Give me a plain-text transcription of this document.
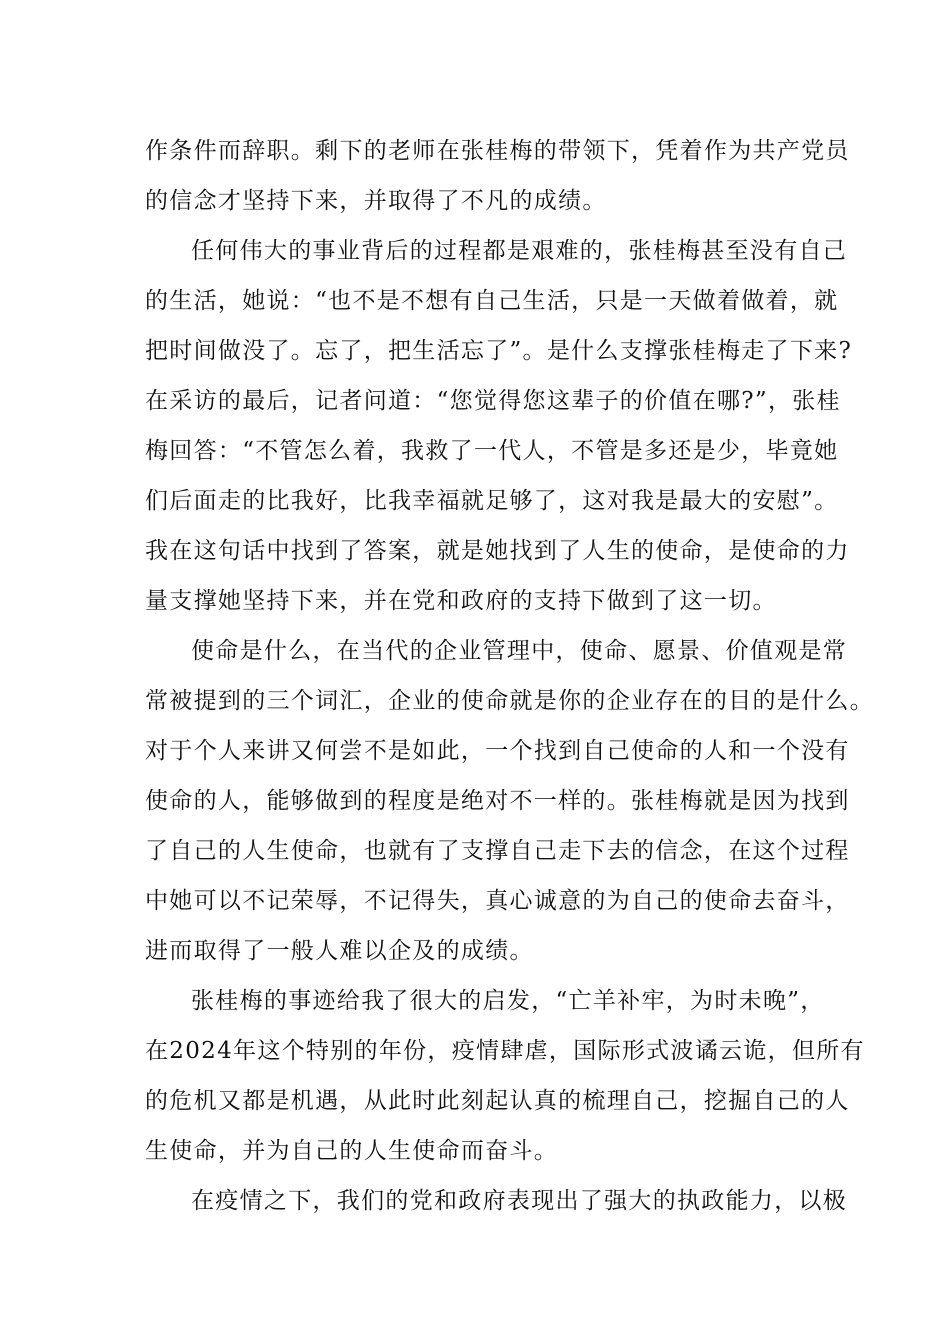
作条件而辞职。剩下的老师在张桂梅的带领下，凭着作为共产党员
的信念才坚持下来，并取得了不凡的成绩。
任何伟大的事业背后的过程都是艰难的，张桂梅甚至没有自己
的生活，她说：“也不是不想有自己生活，只是一天做着做着，就
把时间做没了。忘了，把生活忘了”。是什么支撑张桂梅走了下来?
在采访的最后，记者问道：“您觉得您这辈子的价值在哪?”，张桂
梅回答：“不管怎么着，我救了一代人，不管是多还是少，毕竟她
们后面走的比我好，比我幸福就足够了，这对我是最大的安慰”。
我在这句话中找到了答案，就是她找到了人生的使命，是使命的力
量支撑她坚持下来，并在党和政府的支持下做到了这一切。
使命是什么，在当代的企业管理中，使命、愿景、价值观是常
常被提到的三个词汇，企业的使命就是你的企业存在的目的是什么。
对于个人来讲又何尝不是如此，一个找到自己使命的人和一个没有
使命的人，能够做到的程度是绝对不一样的。张桂梅就是因为找到
了自己的人生使命，也就有了支撑自己走下去的信念，在这个过程
中她可以不记荣辱，不记得失，真心诚意的为自己的使命去奋斗，
进而取得了一般人难以企及的成绩。
张桂梅的事迹给我了很大的启发，“亡羊补牢，为时未晚”，
在2024年这个特别的年份，疫情肆虐，国际形式波谲云诡，但所有
的危机又都是机遇，从此时此刻起认真的梳理自己，挖掘自己的人
生使命，并为自己的人生使命而奋斗。
在疫情之下，我们的党和政府表现出了强大的执政能力，以极
